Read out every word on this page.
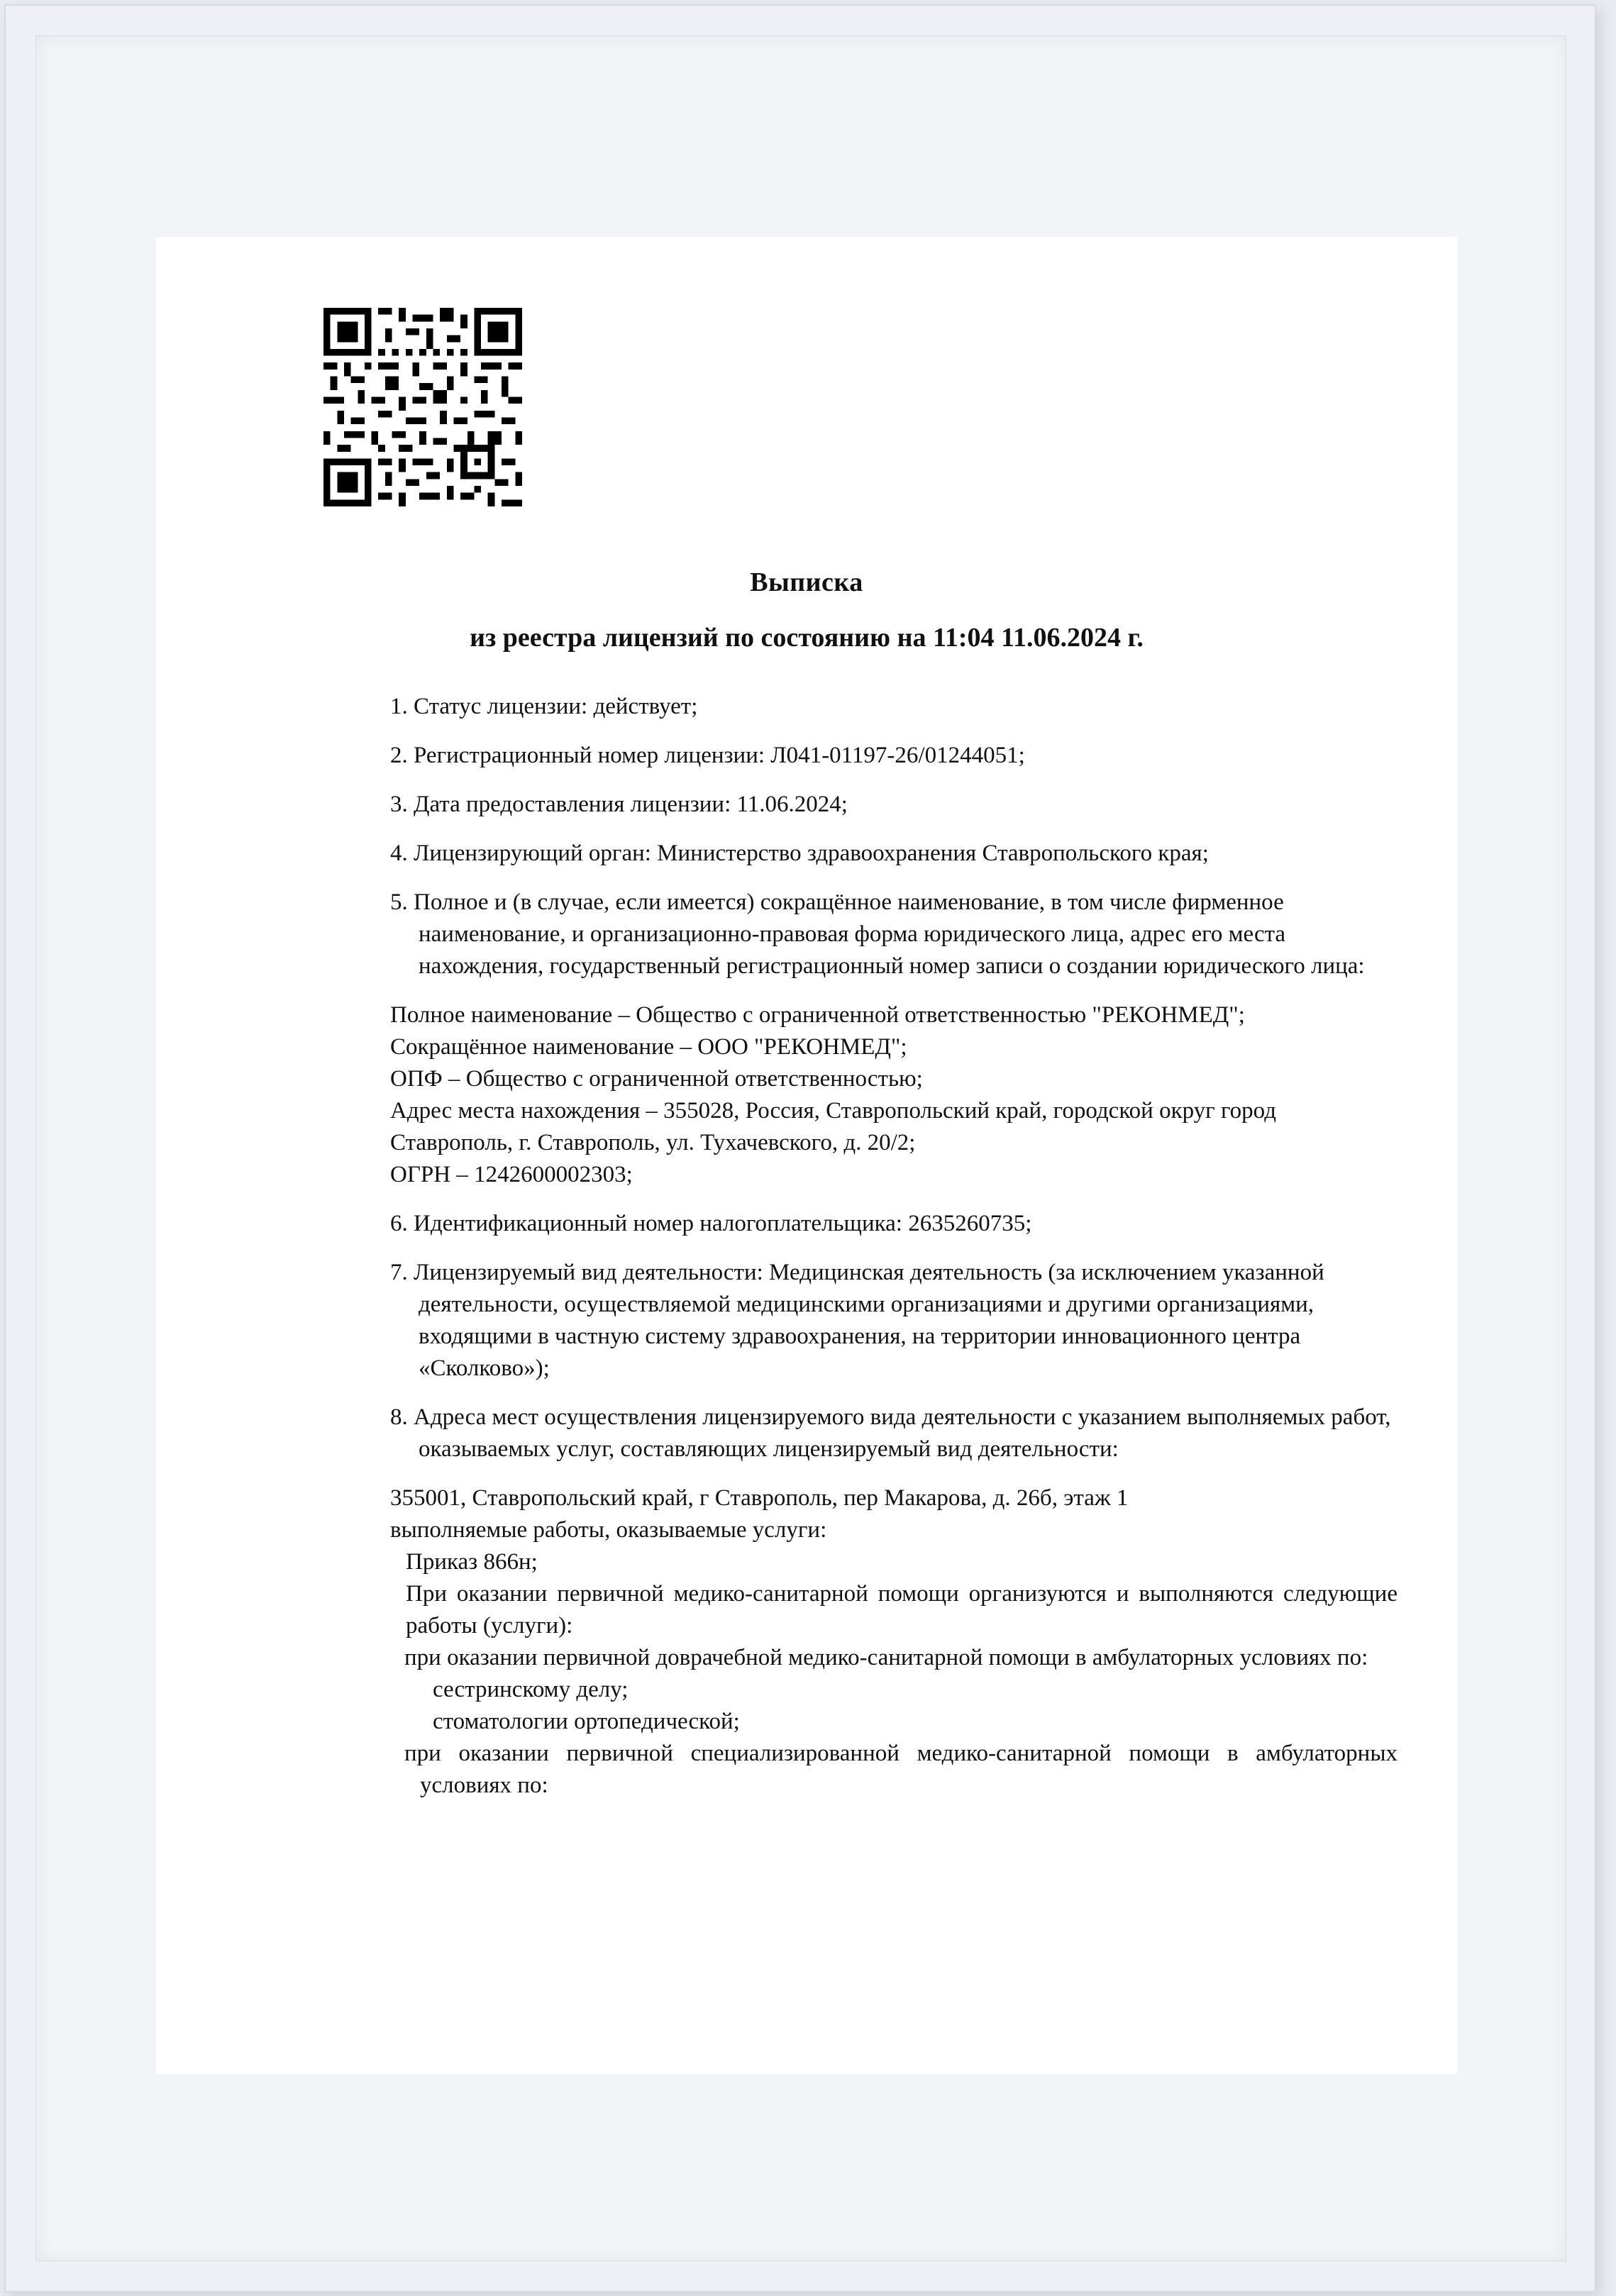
Выписка
из реестра лицензий по состоянию на 11:04 11.06.2024 г.
1. Статус лицензии: действует;
2. Регистрационный номер лицензии: Л041-01197-26/01244051;
3. Дата предоставления лицензии: 11.06.2024;
4. Лицензирующий орган: Министерство здравоохранения Ставропольского края;
5. Полное и (в случае, если имеется) сокращённое наименование, в том числе фирменное наименование, и организационно-правовая форма юридического лица, адрес его места нахождения, государственный регистрационный номер записи о создании юридического лица:
Полное наименование – Общество с ограниченной ответственностью "РЕКОНМЕД";
Сокращённое наименование – ООО "РЕКОНМЕД";
ОПФ – Общество с ограниченной ответственностью;
Адрес места нахождения – 355028, Россия, Ставропольский край, городской округ город
Ставрополь, г. Ставрополь, ул. Тухачевского, д. 20/2;
ОГРН – 1242600002303;
6. Идентификационный номер налогоплательщика: 2635260735;
7. Лицензируемый вид деятельности: Медицинская деятельность (за исключением указанной деятельности, осуществляемой медицинскими организациями и другими организациями, входящими в частную систему здравоохранения, на территории инновационного центра «Сколково»);
8. Адреса мест осуществления лицензируемого вида деятельности с указанием выполняемых работ, оказываемых услуг, составляющих лицензируемый вид деятельности:
355001, Ставропольский край, г Ставрополь, пер Макарова, д. 26б, этаж 1
выполняемые работы, оказываемые услуги:
Приказ 866н;
При оказании первичной медико-санитарной помощи организуются и выполняются следующие работы (услуги):
при оказании первичной доврачебной медико-санитарной помощи в амбулаторных условиях по:
сестринскому делу;
стоматологии ортопедической;
при оказании первичной специализированной медико-санитарной помощи в амбулаторных условиях по:
